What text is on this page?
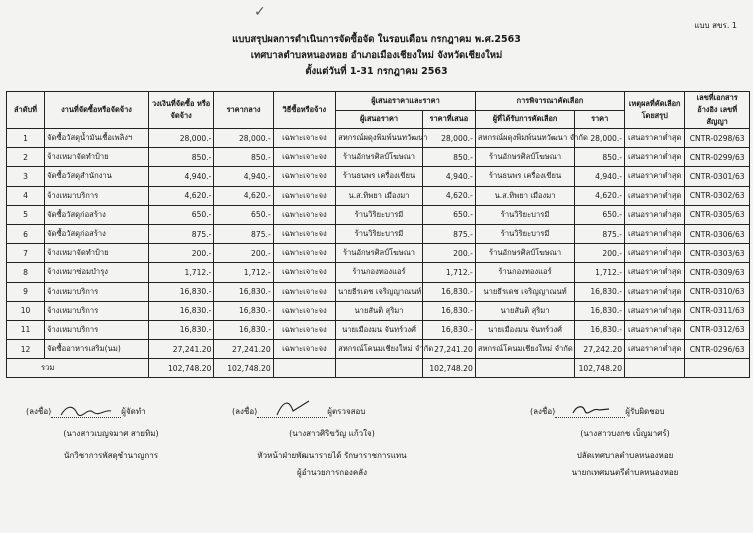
แบบ สขร. 1
✓
แบบสรุปผลการดำเนินการจัดซื้อจัด ในรอบเดือน กรกฎาคม พ.ศ.2563
เทศบาลตำบลหนองหอย อำเภอเมืองเชียงใหม่ จังหวัดเชียงใหม่
ตั้งแต่วันที่ 1-31 กรกฎาคม 2563
ลำดับที่	งานที่จัดซื้อหรือจัดจ้าง	วงเงินที่จัดซื้อ หรือจัดจ้าง	ราคากลาง	วิธีซื้อหรือจ้าง	ผู้เสนอราคาและราคา		การพิจารณาคัดเลือก		เหตุผลที่คัดเลือก โดยสรุป	เลขที่เอกสารอ้างอิง เลขที่สัญญา
					ผู้เสนอราคา	ราคาที่เสนอ	ผู้ที่ได้รับการคัดเลือก	ราคา		
1	จัดซื้อวัสดุน้ำมันเชื้อเพลิงฯ	28,000.-	28,000.-	เฉพาะเจาะจง	สหกรณ์ผดุงพิมพ์นนทวัฒนา	28,000.-	สหกรณ์ผดุงพิมพ์นนทวัฒนา จำกัด	28,000.-	เสนอราคาต่ำสุด	CNTR-0298/63
2	จ้างเหมาจัดทำป้าย	850.-	850.-	เฉพาะเจาะจง	ร้านอักษรศิลป์โฆษณา	850.-	ร้านอักษรศิลป์โฆษณา	850.-	เสนอราคาต่ำสุด	CNTR-0299/63
3	จัดซื้อวัสดุสำนักงาน	4,940.-	4,940.-	เฉพาะเจาะจง	ร้านธนพร เครื่องเขียน	4,940.-	ร้านธนพร เครื่องเขียน	4,940.-	เสนอราคาต่ำสุด	CNTR-0301/63
4	จ้างเหมาบริการ	4,620.-	4,620.-	เฉพาะเจาะจง	น.ส.ทิพยา เมืองมา	4,620.-	น.ส.ทิพยา เมืองมา	4,620.-	เสนอราคาต่ำสุด	CNTR-0302/63
5	จัดซื้อวัสดุก่อสร้าง	650.-	650.-	เฉพาะเจาะจง	ร้านวิริยะบารมี	650.-	ร้านวิริยะบารมี	650.-	เสนอราคาต่ำสุด	CNTR-0305/63
6	จัดซื้อวัสดุก่อสร้าง	875.-	875.-	เฉพาะเจาะจง	ร้านวิริยะบารมี	875.-	ร้านวิริยะบารมี	875.-	เสนอราคาต่ำสุด	CNTR-0306/63
7	จ้างเหมาจัดทำป้าย	200.-	200.-	เฉพาะเจาะจง	ร้านอักษรศิลป์โฆษณา	200.-	ร้านอักษรศิลป์โฆษณา	200.-	เสนอราคาต่ำสุด	CNTR-0303/63
8	จ้างเหมาซ่อมบำรุง	1,712.-	1,712.-	เฉพาะเจาะจง	ร้านกองทองแอร์	1,712.-	ร้านกองทองแอร์	1,712.-	เสนอราคาต่ำสุด	CNTR-0309/63
9	จ้างเหมาบริการ	16,830.-	16,830.-	เฉพาะเจาะจง	นายธีรเดช เจริญญาณนท์	16,830.-	นายธีรเดช เจริญญาณนท์	16,830.-	เสนอราคาต่ำสุด	CNTR-0310/63
10	จ้างเหมาบริการ	16,830.-	16,830.-	เฉพาะเจาะจง	นายสันติ สุริมา	16,830.-	นายสันติ สุริมา	16,830.-	เสนอราคาต่ำสุด	CNTR-0311/63
11	จ้างเหมาบริการ	16,830.-	16,830.-	เฉพาะเจาะจง	นายเมืองมน จันทร์วงศ์	16,830.-	นายเมืองมน จันทร์วงศ์	16,830.-	เสนอราคาต่ำสุด	CNTR-0312/63
12	จัดซื้ออาหารเสริม(นม)	27,241.20	27,241.20	เฉพาะเจาะจง	สหกรณ์โคนมเชียงใหม่ จำกัด	27,241.20	สหกรณ์โคนมเชียงใหม่ จำกัด	27,242.20	เสนอราคาต่ำสุด	CNTR-0296/63
รวม		102,748.20	102,748.20			102,748.20		102,748.20		
(ลงชื่อ)	ผู้จัดทำ
(นางสาวเบญจมาศ สายทิม)
นักวิชาการพัสดุชำนาญการ
(ลงชื่อ)	ผู้ตรวจสอบ
(นางสาวศิริขวัญ แก้วใจ)
หัวหน้าฝ่ายพัฒนารายได้ รักษาราชการแทน
ผู้อำนวยการกองคลัง
(ลงชื่อ)	ผู้รับผิดชอบ
(นางสาวบงกช เบ็ญมาศร์)
ปลัดเทศบาลตำบลหนองหอย
นายกเทศมนตรีตำบลหนองหอย
